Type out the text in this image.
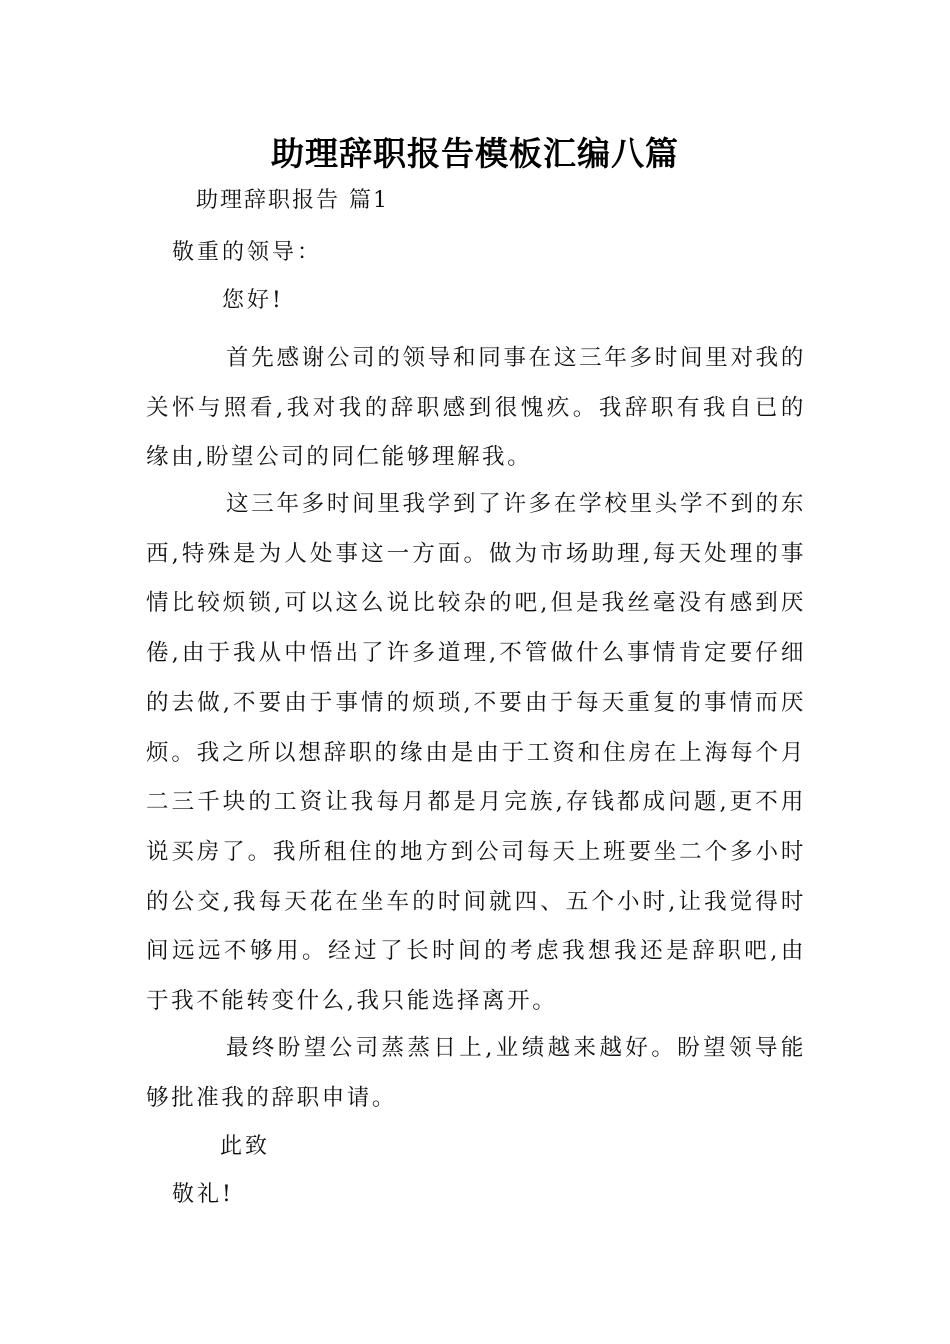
助理辞职报告模板汇编八篇
助理辞职报告 篇1
敬重的领导：
您好!
首先感谢公司的领导和同事在这三年多时间里对我的关怀与照看,我对我的辞职感到很愧疚。我辞职有我自已的缘由,盼望公司的同仁能够理解我。
这三年多时间里我学到了许多在学校里头学不到的东西,特殊是为人处事这一方面。做为市场助理,每天处理的事情比较烦锁,可以这么说比较杂的吧,但是我丝毫没有感到厌倦,由于我从中悟出了许多道理,不管做什么事情肯定要仔细的去做,不要由于事情的烦琐,不要由于每天重复的事情而厌烦。我之所以想辞职的缘由是由于工资和住房在上海每个月二三千块的工资让我每月都是月完族,存钱都成问题,更不用说买房了。我所租住的地方到公司每天上班要坐二个多小时的公交,我每天花在坐车的时间就四、五个小时,让我觉得时间远远不够用。经过了长时间的考虑我想我还是辞职吧,由于我不能转变什么,我只能选择离开。
最终盼望公司蒸蒸日上,业绩越来越好。盼望领导能够批准我的辞职申请。
此致
敬礼!
